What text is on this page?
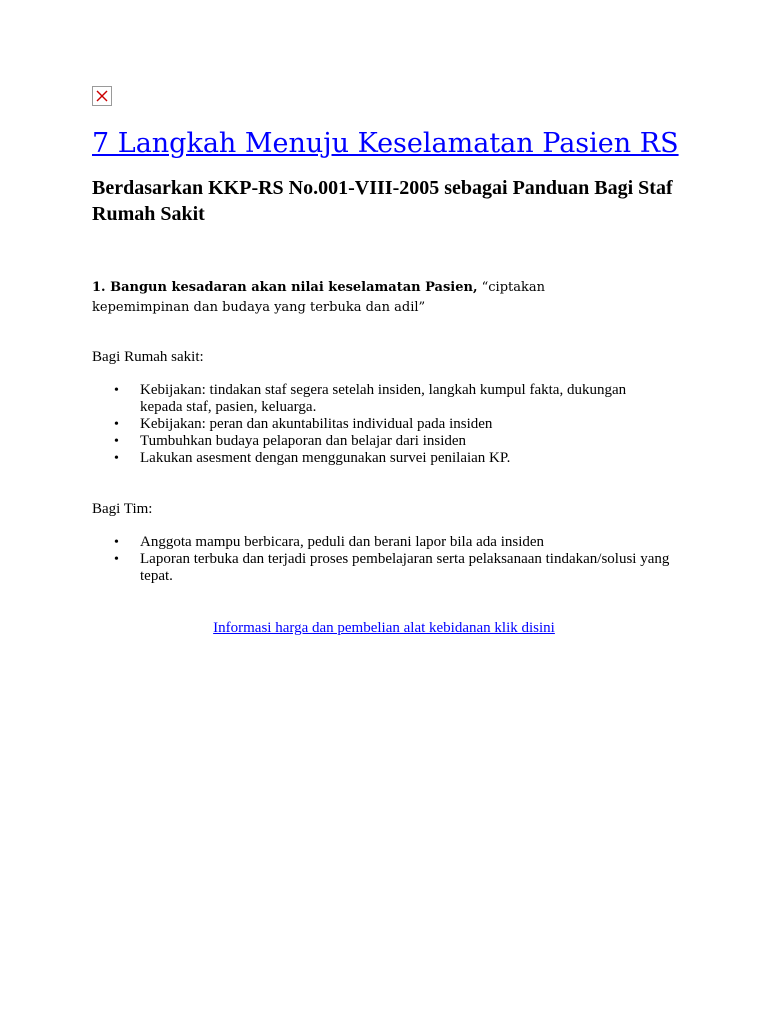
7 Langkah Menuju Keselamatan Pasien RS
Berdasarkan KKP-RS No.001-VIII-2005 sebagai Panduan Bagi Staf Rumah Sakit

1. Bangun kesadaran akan nilai keselamatan Pasien, “ciptakan kepemimpinan dan budaya yang terbuka dan adil”

Bagi Rumah sakit:

• Kebijakan: tindakan staf segera setelah insiden, langkah kumpul fakta, dukungan kepada staf, pasien, keluarga.
• Kebijakan: peran dan akuntabilitas individual pada insiden
• Tumbuhkan budaya pelaporan dan belajar dari insiden
• Lakukan asesment dengan menggunakan survei penilaian KP.

Bagi Tim:

• Anggota mampu berbicara, peduli dan berani lapor bila ada insiden
• Laporan terbuka dan terjadi proses pembelajaran serta pelaksanaan tindakan/solusi yang tepat.
Informasi harga dan pembelian alat kebidanan klik disini
